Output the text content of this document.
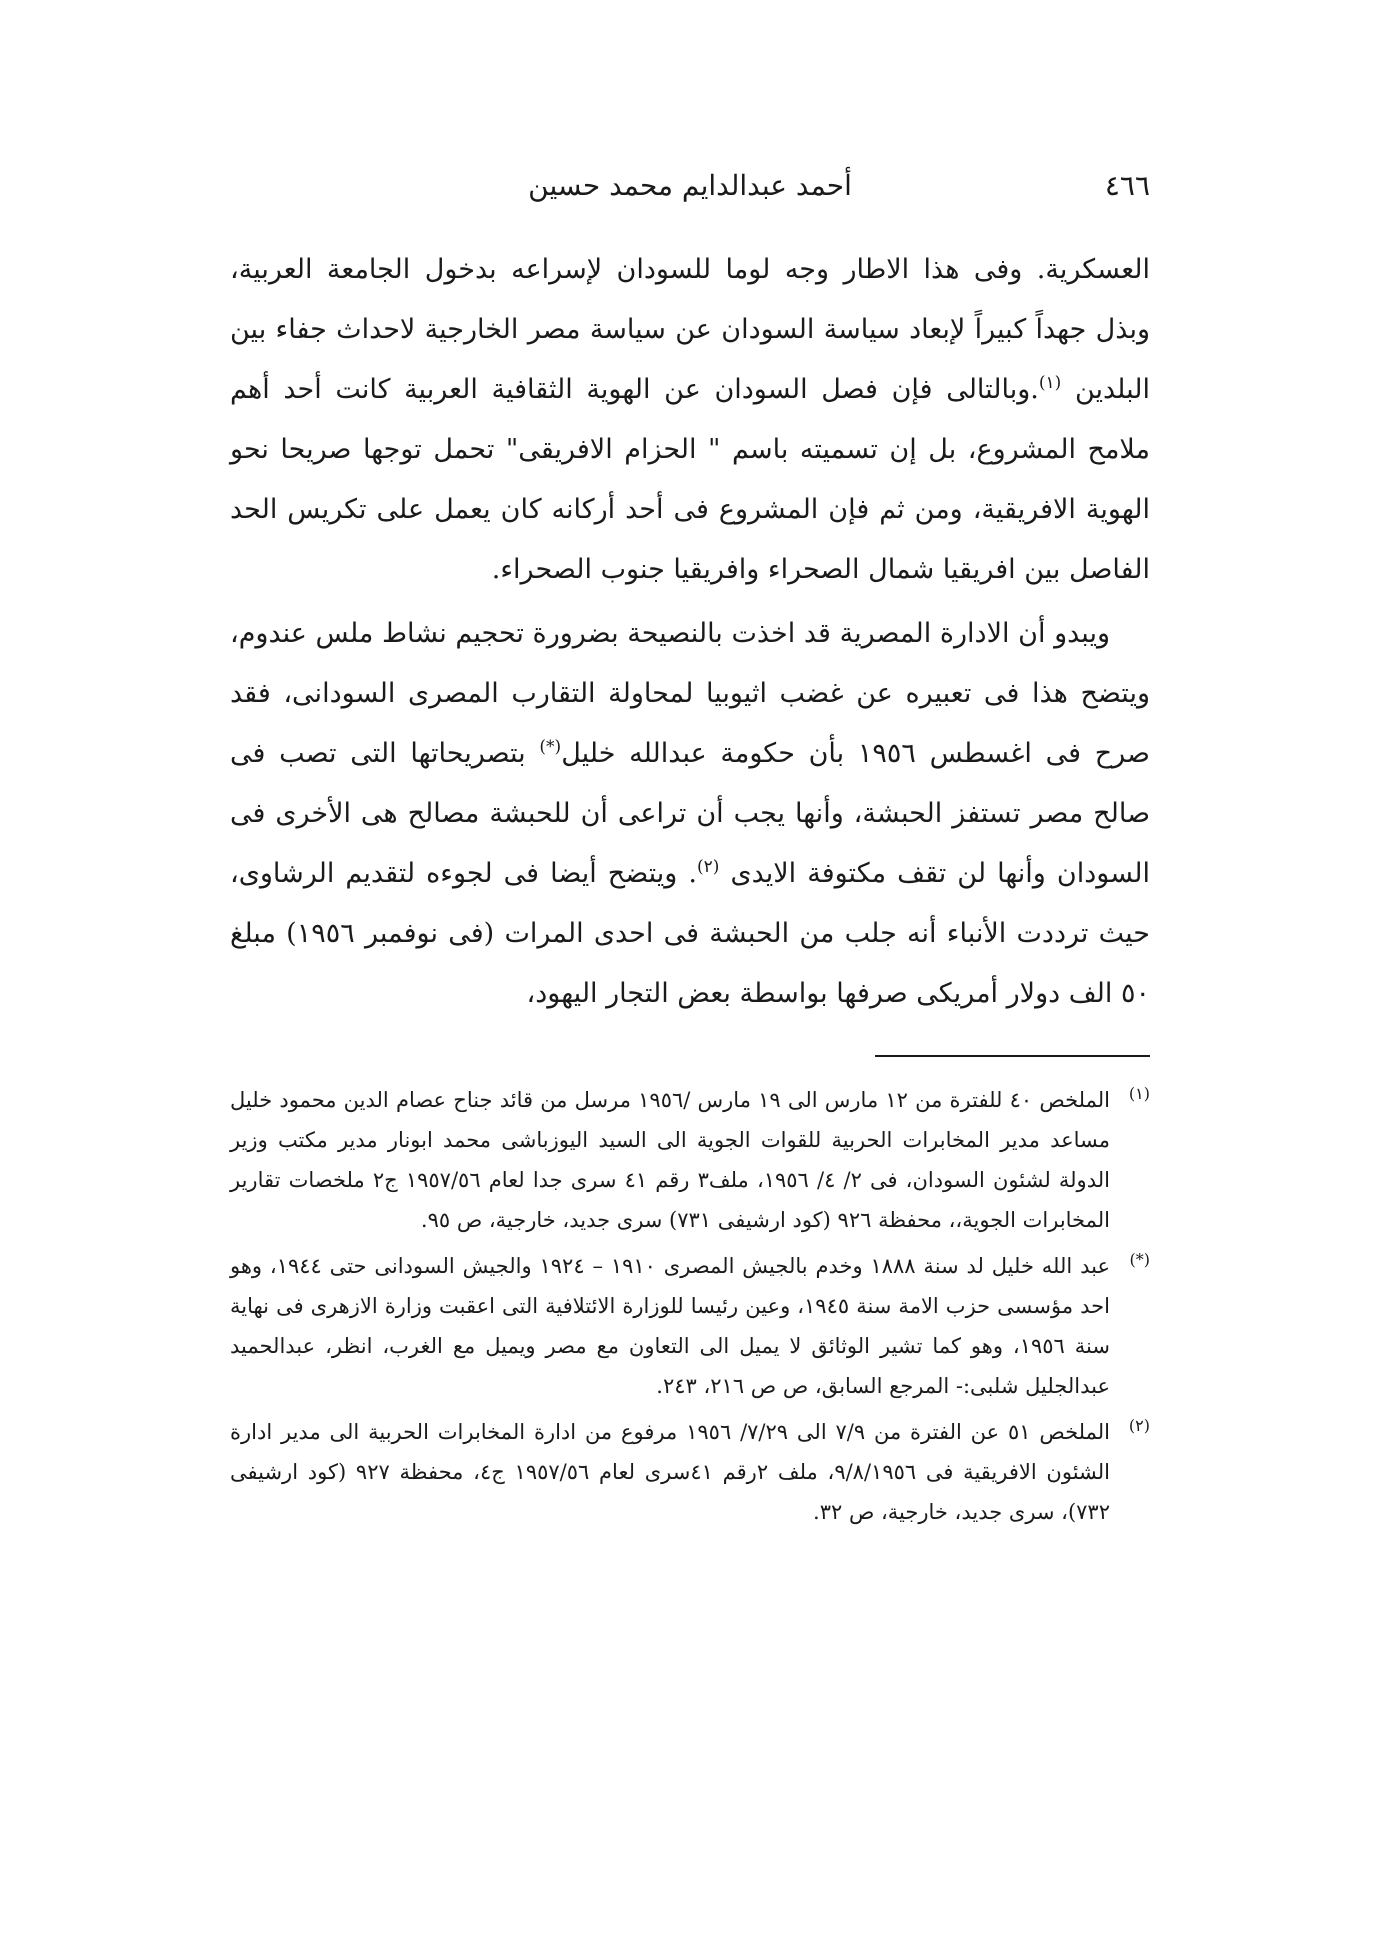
٤٦٦
أحمد عبدالدايم محمد حسين

العسكرية. وفى هذا الاطار وجه لوما للسودان لإسراعه بدخول الجامعة العربية، وبذل جهداً كبيراً لإبعاد سياسة السودان عن سياسة مصر الخارجية لاحداث جفاء بين البلدين $^{(١)}$.وبالتالى فإن فصل السودان عن الهوية الثقافية العربية كانت أحد أهم ملامح المشروع، بل إن تسميته باسم " الحزام الافريقى" تحمل توجها صريحا نحو الهوية الافريقية، ومن ثم فإن المشروع فى أحد أركانه كان يعمل على تكريس الحد الفاصل بين افريقيا شمال الصحراء وافريقيا جنوب الصحراء.

ويبدو أن الادارة المصرية قد اخذت بالنصيحة بضرورة تحجيم نشاط ملس عندوم، ويتضح هذا فى تعبيره عن غضب اثيوبيا لمحاولة التقارب المصرى السودانى، فقد صرح فى اغسطس ١٩٥٦ بأن حكومة عبدالله خليل(*) بتصريحاتها التى تصب فى صالح مصر تستفز الحبشة، وأنها يجب أن تراعى أن للحبشة مصالح هى الأخرى فى السودان وأنها لن تقف مكتوفة الايدى $^{(٢)}$. ويتضح أيضا فى لجوءه لتقديم الرشاوى، حيث ترددت الأنباء أنه جلب من الحبشة فى احدى المرات (فى نوفمبر ١٩٥٦) مبلغ ٥٠ الف دولار أمريكى صرفها بواسطة بعض التجار اليهود،

(١)
الملخص ٤٠ للفترة من ١٢ مارس الى ١٩ مارس /١٩٥٦ مرسل من قائد جناح عصام الدين محمود خليل مساعد مدير المخابرات الحربية للقوات الجوية الى السيد اليوزباشى محمد ابونار مدير مكتب وزير الدولة لشئون السودان، فى ٢/ ٤/ ١٩٥٦، ملف٣ رقم ٤١ سرى جدا لعام ١٩٥٧/٥٦ ج٢ ملخصات تقارير المخابرات الجوية،، محفظة ٩٢٦ (كود ارشيفى ٧٣١) سرى جديد، خارجية، ص ٩٥.
(*)
عبد الله خليل لد سنة ١٨٨٨ وخدم بالجيش المصرى ١٩١٠ – ١٩٢٤ والجيش السودانى حتى ١٩٤٤، وهو احد مؤسسى حزب الامة سنة ١٩٤٥، وعين رئيسا للوزارة الائتلافية التى اعقبت وزارة الازهرى فى نهاية سنة ١٩٥٦، وهو كما تشير الوثائق لا يميل الى التعاون مع مصر ويميل مع الغرب، انظر، عبدالحميد عبدالجليل شلبى:- المرجع السابق، ص ص ٢١٦، ٢٤٣.
(٢)
الملخص ٥١ عن الفترة من ٧/٩ الى ٧/٢٩/ ١٩٥٦ مرفوع من ادارة المخابرات الحربية الى مدير ادارة الشئون الافريقية فى ٩/٨/١٩٥٦، ملف ٢رقم ٤١سرى لعام ١٩٥٧/٥٦ ج٤، محفظة ٩٢٧ (كود ارشيفى ٧٣٢)، سرى جديد، خارجية، ص ٣٢.
